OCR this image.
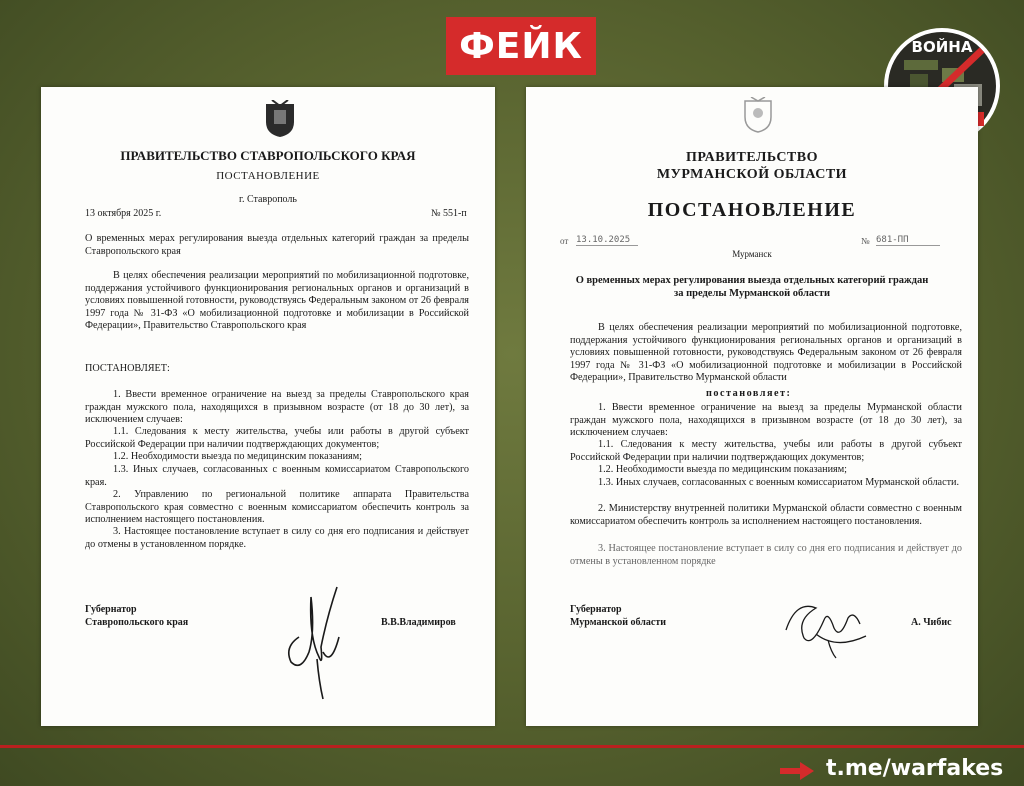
ФЕЙК	ВОЙНА
ПРАВИТЕЛЬСТВО СТАВРОПОЛЬСКОГО КРАЯ
ПОСТАНОВЛЕНИЕ
г. Ставрополь
13 октября 2025 г.	№ 551-п
О временных мерах регулирования выезда отдельных категорий граждан за пределы Ставропольского края
В целях обеспечения реализации мероприятий по мобилизационной подготовке, поддержания устойчивого функционирования региональных органов и организаций в условиях повышенной готовности, руководствуясь Федеральным законом от 26 февраля 1997 года № 31-ФЗ «О мобилизационной подготовке и мобилизации в Российской Федерации», Правительство Ставропольского края
ПОСТАНОВЛЯЕТ:
1. Ввести временное ограничение на выезд за пределы Ставропольского края граждан мужского пола, находящихся в призывном возрасте (от 18 до 30 лет), за исключением случаев:
1.1. Следования к месту жительства, учебы или работы в другой субъект Российской Федерации при наличии подтверждающих документов;
1.2. Необходимости выезда по медицинским показаниям;
1.3. Иных случаев, согласованных с военным комиссариатом Ставропольского края.
2. Управлению по региональной политике аппарата Правительства Ставропольского края совместно с военным комиссариатом обеспечить контроль за исполнением настоящего постановления.
3. Настоящее постановление вступает в силу со дня его подписания и действует до отмены в установленном порядке.
Губернатор
Ставропольского края	В.В.Владимиров
ПРАВИТЕЛЬСТВО
МУРМАНСКОЙ ОБЛАСТИ
ПОСТАНОВЛЕНИЕ
от 13.10.2025	№ 681-ПП
Мурманск
О временных мерах регулирования выезда отдельных категорий граждан за пределы Мурманской области
В целях обеспечения реализации мероприятий по мобилизационной подготовке, поддержания устойчивого функционирования региональных органов и организаций в условиях повышенной готовности, руководствуясь Федеральным законом от 26 февраля 1997 года № 31-ФЗ «О мобилизационной подготовке и мобилизации в Российской Федерации», Правительство Мурманской области
постановляет:
1. Ввести временное ограничение на выезд за пределы Мурманской области граждан мужского пола, находящихся в призывном возрасте (от 18 до 30 лет), за исключением случаев:
1.1. Следования к месту жительства, учебы или работы в другой субъект Российской Федерации при наличии подтверждающих документов;
1.2. Необходимости выезда по медицинским показаниям;
1.3. Иных случаев, согласованных с военным комиссариатом Мурманской области.
2. Министерству внутренней политики Мурманской области совместно с военным комиссариатом обеспечить контроль за исполнением настоящего постановления.
3. Настоящее постановление вступает в силу со дня его подписания и действует до отмены в установленном порядке
Губернатор
Мурманской области	А. Чибис
t.me/warfakes
